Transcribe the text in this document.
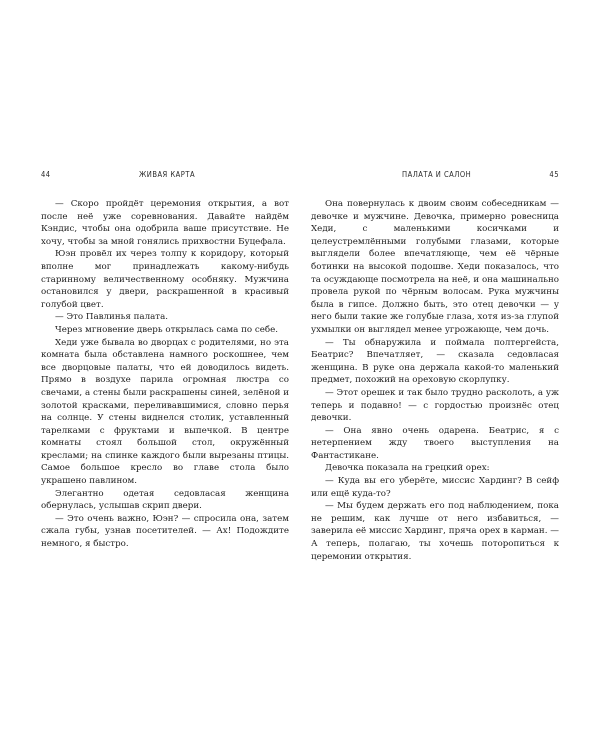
44	ЖИВАЯ КАРТА

— Скоро пройдёт церемония открытия, а вот после неё уже соревнования. Давайте найдём Кэндис, чтобы она одобрила ваше присутствие. Не хочу, чтобы за мной гонялись прихвостни Буцефала.

Юэн провёл их через толпу к коридору, который вполне мог принадлежать какому-нибудь старинному величественному особняку. Мужчина остановился у двери, раскрашенной в красивый голубой цвет.

— Это Павлинья палата.

Через мгновение дверь открылась сама по себе.

Хеди уже бывала во дворцах с родителями, но эта комната была обставлена намного роскошнее, чем все дворцовые палаты, что ей доводилось видеть. Прямо в воздухе парила огромная люстра со свечами, а стены были раскрашены синей, зелёной и золотой красками, переливавшимися, словно перья на солнце. У стены виднелся столик, уставленный тарелками с фруктами и выпечкой. В центре комнаты стоял большой стол, окружённый креслами; на спинке каждого были вырезаны птицы. Самое большое кресло во главе стола было украшено павлином.

Элегантно одетая седовласая женщина обернулась, услышав скрип двери.

— Это очень важно, Юэн? — спросила она, затем сжала губы, узнав посетителей. — Ах! Подождите немного, я быстро.

ПАЛАТА И САЛОН	45

Она повернулась к двоим своим собеседникам — девочке и мужчине. Девочка, примерно ровесница Хеди, с маленькими косичками и целеустремлёнными голубыми глазами, которые выглядели более впечатляюще, чем её чёрные ботинки на высокой подошве. Хеди показалось, что та осуждающе посмотрела на неё, и она машинально провела рукой по чёрным волосам. Рука мужчины была в гипсе. Должно быть, это отец девочки — у него были такие же голубые глаза, хотя из-за глупой ухмылки он выглядел менее угрожающе, чем дочь.

— Ты обнаружила и поймала полтергейста, Беатрис? Впечатляет, — сказала седовласая женщина. В руке она держала какой-то маленький предмет, похожий на ореховую скорлупку.

— Этот орешек и так было трудно расколоть, а уж теперь и подавно! — с гордостью произнёс отец девочки.

— Она явно очень одарена. Беатрис, я с нетерпением жду твоего выступления на Фантастикане.

Девочка показала на грецкий орех:

— Куда вы его уберёте, миссис Хардинг? В сейф или ещё куда-то?

— Мы будем держать его под наблюдением, пока не решим, как лучше от него избавиться, — заверила её миссис Хардинг, пряча орех в карман. — А теперь, полагаю, ты хочешь поторопиться к церемонии открытия.
